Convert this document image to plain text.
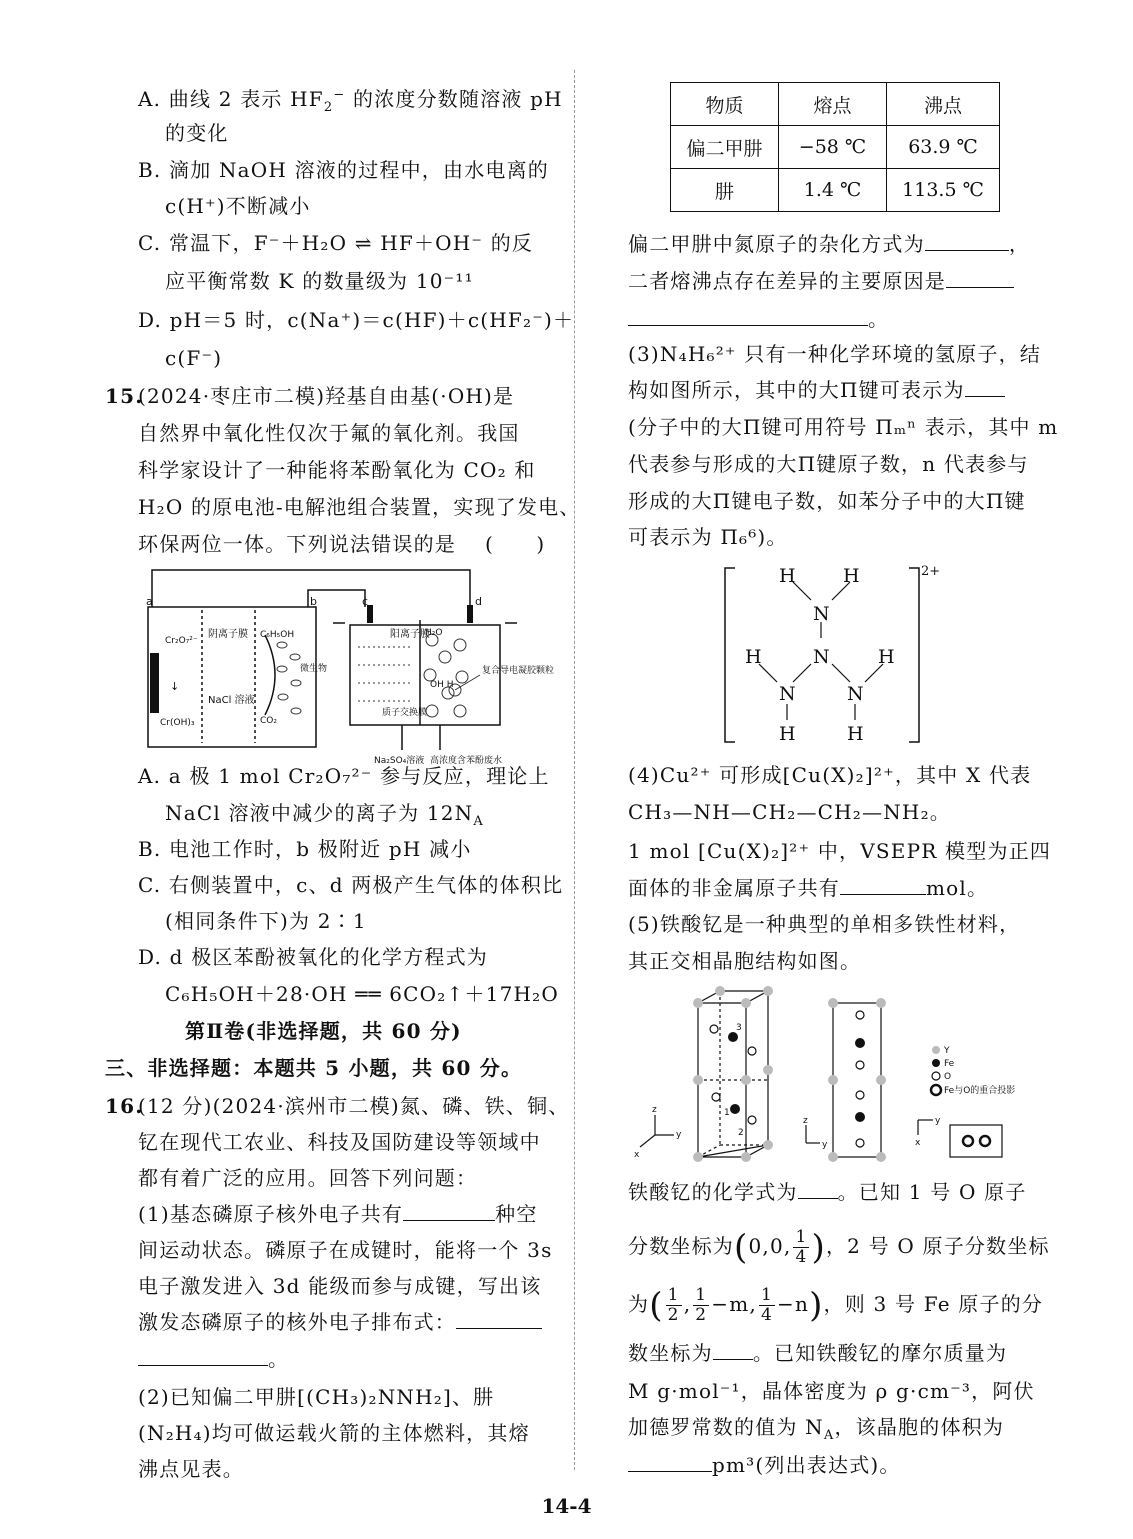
A. 曲线 2 表示 $HF_2^-$ 的浓度分数随溶液 pH
的变化
B. 滴加 NaOH 溶液的过程中，由水电离的
c(H⁺)不断减小
C. 常温下，F⁻＋H₂O ⇌ HF＋OH⁻ 的反
应平衡常数 K 的数量级为 10⁻¹¹
D. pH＝5 时，c(Na⁺)＝c(HF)＋c(HF₂⁻)＋
c(F⁻)
15.
(2024·枣庄市二模)羟基自由基(·OH)是
自然界中氧化性仅次于氟的氧化剂。我国
科学家设计了一种能将苯酚氧化为 CO₂ 和
H₂O 的原电池-电解池组合装置，实现了发电、
环保两位一体。下列说法错误的是 (　　)
a	b	c	d
Cr₂O₇²⁻
↓
Cr(OH)₃
阴离子膜
NaCl 溶液
C₆H₅OH
微生物
CO₂
阳离子膜
质子交换膜
H₂O
OH H
复合导电凝胶颗粒
Na₂SO₄溶液 高浓度含苯酚废水
A. a 极 1 mol Cr₂O₇²⁻ 参与反应，理论上
NaCl 溶液中减少的离子为 $12N_A$
B. 电池工作时，b 极附近 pH 减小
C. 右侧装置中，c、d 两极产生气体的体积比
(相同条件下)为 2∶1
D. d 极区苯酚被氧化的化学方程式为
C₆H₅OH＋28·OH ══ 6CO₂↑＋17H₂O
第Ⅱ卷(非选择题，共 60 分)
三、非选择题：本题共 5 小题，共 60 分。
16.
(12 分)(2024·滨州市二模)氮、磷、铁、铜、
钇在现代工农业、科技及国防建设等领域中
都有着广泛的应用。回答下列问题：
(1)基态磷原子核外电子共有	种空
间运动状态。磷原子在成键时，能将一个 3s
电子激发进入 3d 能级而参与成键，写出该
激发态磷原子的核外电子排布式：
。
(2)已知偏二甲肼[(CH₃)₂NNH₂]、肼
(N₂H₄)均可做运载火箭的主体燃料，其熔
沸点见表。
物质	熔点	沸点
偏二甲肼	−58 ℃	63.9 ℃
肼	1.4 ℃	113.5 ℃
偏二甲肼中氮原子的杂化方式为	，
二者熔沸点存在差异的主要原因是
。
(3)N₄H₆²⁺ 只有一种化学环境的氢原子，结
构如图所示，其中的大Π键可表示为
(分子中的大Π键可用符号 Πₘⁿ 表示，其中 m
代表参与形成的大Π键原子数，n 代表参与
形成的大Π键电子数，如苯分子中的大Π键
可表示为 Π₆⁶)。
H H
N
N
H	H
N	N
H	H
2+
(4)Cu²⁺ 可形成[Cu(X)₂]²⁺，其中 X 代表
CH₃—NH—CH₂—CH₂—NH₂。
1 mol [Cu(X)₂]²⁺ 中，VSEPR 模型为正四
面体的非金属原子共有	mol。
(5)铁酸钇是一种典型的单相多铁性材料，
其正交相晶胞结构如图。
3
1
2
Y
Fe
O
Fe与O的重合投影
z
y
x
z
y	x
y
铁酸钇的化学式为 。已知 1 号 O 原子
分数坐标为(0,0, $\frac{1}{4}$ )，2 号 O 原子分数坐标
为( $\frac{1}{2}$ , $\frac{1}{2} -m$, $\frac{1}{4} -n$)，则 3 号 Fe 原子的分
数坐标为 。已知铁酸钇的摩尔质量为
M g·mol⁻¹，晶体密度为 ρ g·cm⁻³，阿伏
加德罗常数的值为 $N_A$，该晶胞的体积为
pm³(列出表达式)。
14-4
